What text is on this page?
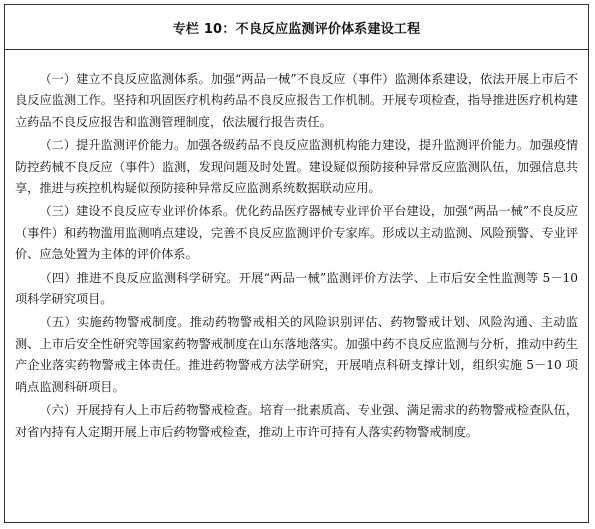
专栏 10：不良反应监测评价体系建设工程

（一）建立不良反应监测体系。加强“两品一械”不良反应（事件）监测体系建设，依法开展上市后不良反应监测工作。坚持和巩固医疗机构药品不良反应报告工作机制。开展专项检查，指导推进医疗机构建立药品不良反应报告和监测管理制度，依法履行报告责任。

（二）提升监测评价能力。加强各级药品不良反应监测机构能力建设，提升监测评价能力。加强疫情防控药械不良反应（事件）监测，发现问题及时处置。建设疑似预防接种异常反应监测队伍，加强信息共享，推进与疾控机构疑似预防接种异常反应监测系统数据联动应用。

（三）建设不良反应专业评价体系。优化药品医疗器械专业评价平台建设，加强“两品一械”不良反应（事件）和药物滥用监测哨点建设，完善不良反应监测评价专家库。形成以主动监测、风险预警、专业评价、应急处置为主体的评价体系。

（四）推进不良反应监测科学研究。开展“两品一械”监测评价方法学、上市后安全性监测等 5－10 项科学研究项目。

（五）实施药物警戒制度。推动药物警戒相关的风险识别评估、药物警戒计划、风险沟通、主动监测、上市后安全性研究等国家药物警戒制度在山东落地落实。加强中药不良反应监测与分析，推动中药生产企业落实药物警戒主体责任。推进药物警戒方法学研究，开展哨点科研支撑计划，组织实施 5－10 项哨点监测科研项目。

（六）开展持有人上市后药物警戒检查。培育一批素质高、专业强、满足需求的药物警戒检查队伍，对省内持有人定期开展上市后药物警戒检查，推动上市许可持有人落实药物警戒制度。
